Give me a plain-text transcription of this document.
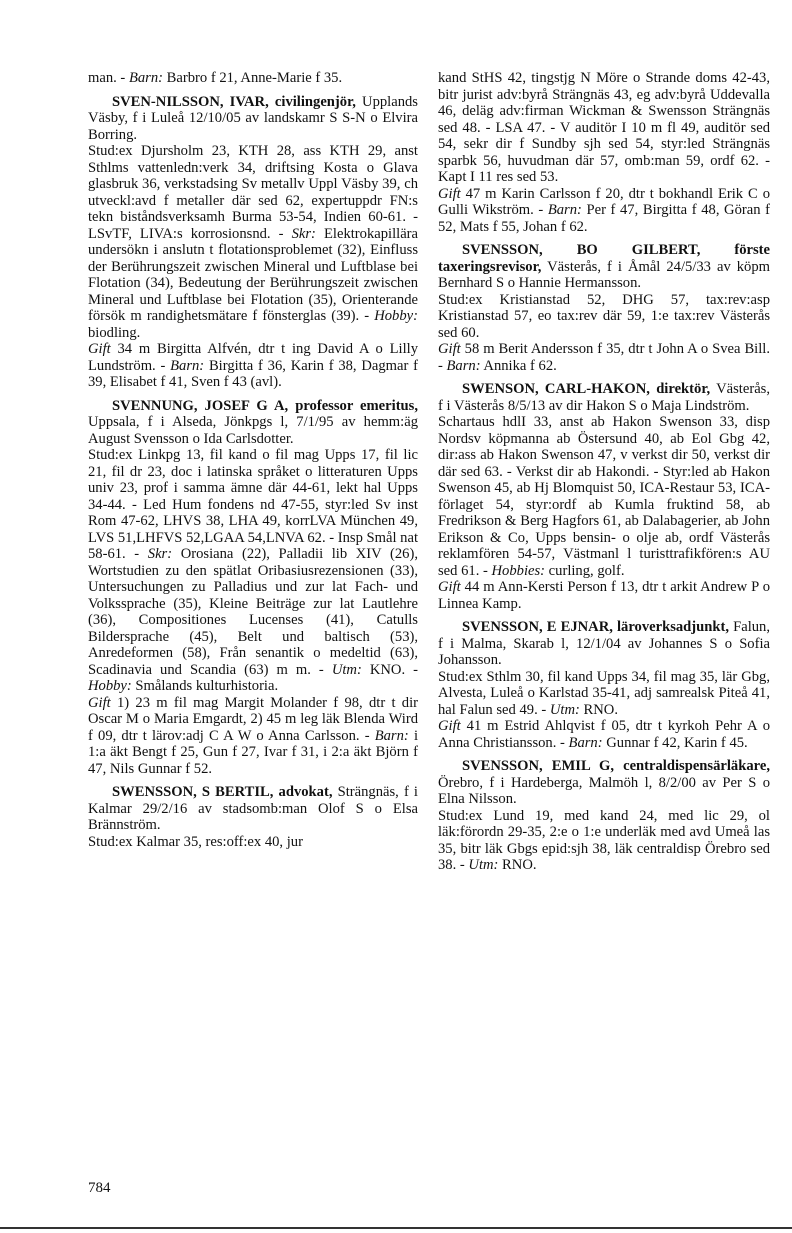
man. - Barn: Barbro f 21, Anne-Marie f 35.

SVEN-NILSSON, IVAR, civilingenjör, Upplands Väsby, f i Luleå 12/10/05 av landskamr S S-N o Elvira Borring.

Stud:ex Djursholm 23, KTH 28, ass KTH 29, anst Sthlms vattenledn:verk 34, driftsing Kosta o Glava glasbruk 36, verkstadsing Sv metallv Uppl Väsby 39, ch utveckl:avd f metaller där sed 62, expertuppdr FN:s tekn biståndsverksamh Burma 53-54, Indien 60-61. - LSvTF, LIVA:s korrosionsnd. - Skr: Elektrokapillära undersökn i anslutn t flotationsproblemet (32), Einfluss der Berührungszeit zwischen Mineral und Luftblase bei Flotation (34), Bedeutung der Berührungszeit zwischen Mineral und Luftblase bei Flotation (35), Orienterande försök m randighetsmätare f fönsterglas (39). - Hobby: biodling.

Gift 34 m Birgitta Alfvén, dtr t ing David A o Lilly Lundström. - Barn: Birgitta f 36, Karin f 38, Dagmar f 39, Elisabet f 41, Sven f 43 (avl).

SVENNUNG, JOSEF G A, professor emeritus, Uppsala, f i Alseda, Jönkpgs l, 7/1/95 av hemm:äg August Svensson o Ida Carlsdotter.

Stud:ex Linkpg 13, fil kand o fil mag Upps 17, fil lic 21, fil dr 23, doc i latinska språket o litteraturen Upps univ 23, prof i samma ämne där 44-61, lekt hal Upps 34-44. - Led Hum fondens nd 47-55, styr:led Sv inst Rom 47-62, LHVS 38, LHA 49, korrLVA München 49, LVS 51,LHFVS 52,LGAA 54,LNVA 62. - Insp Smål nat 58-61. - Skr: Orosiana (22), Palladii lib XIV (26), Wortstudien zu den spätlat Oribasiusrezensionen (33), Untersuchungen zu Palladius und zur lat Fach- und Volkssprache (35), Kleine Beiträge zur lat Lautlehre (36), Compositiones Lucenses (41), Catulls Bildersprache (45), Belt und baltisch (53), Anredeformen (58), Från senantik o medeltid (63), Scadinavia und Scandia (63) m m. - Utm: KNO. - Hobby: Smålands kulturhistoria.

Gift 1) 23 m fil mag Margit Molander f 98, dtr t dir Oscar M o Maria Emgardt, 2) 45 m leg läk Blenda Wird f 09, dtr t lärov:adj C A W o Anna Carlsson. - Barn: i 1:a äkt Bengt f 25, Gun f 27, Ivar f 31, i 2:a äkt Björn f 47, Nils Gunnar f 52.

SWENSSON, S BERTIL, advokat, Strängnäs, f i Kalmar 29/2/16 av stadsomb:man Olof S o Elsa Brännström.

Stud:ex Kalmar 35, res:off:ex 40, jur

kand StHS 42, tingstjg N Möre o Strande doms 42-43, bitr jurist adv:byrå Strängnäs 43, eg adv:byrå Uddevalla 46, deläg adv:firman Wickman & Swensson Strängnäs sed 48. - LSA 47. - V auditör I 10 m fl 49, auditör sed 54, sekr dir f Sundby sjh sed 54, styr:led Strängnäs sparbk 56, huvudman där 57, omb:man 59, ordf 62. - Kapt I 11 res sed 53.

Gift 47 m Karin Carlsson f 20, dtr t bokhandl Erik C o Gulli Wikström. - Barn: Per f 47, Birgitta f 48, Göran f 52, Mats f 55, Johan f 62.

SVENSSON, BO GILBERT, förste taxeringsrevisor, Västerås, f i Åmål 24/5/33 av köpm Bernhard S o Hannie Hermansson.

Stud:ex Kristianstad 52, DHG 57, tax:rev:asp Kristianstad 57, eo tax:rev där 59, 1:e tax:rev Västerås sed 60.

Gift 58 m Berit Andersson f 35, dtr t John A o Svea Bill. - Barn: Annika f 62.

SWENSON, CARL-HAKON, direktör, Västerås, f i Västerås 8/5/13 av dir Hakon S o Maja Lindström.

Schartaus hdlI 33, anst ab Hakon Swenson 33, disp Nordsv köpmanna ab Östersund 40, ab Eol Gbg 42, dir:ass ab Hakon Swenson 47, v verkst dir 50, verkst dir där sed 63. - Verkst dir ab Hakondi. - Styr:led ab Hakon Swenson 45, ab Hj Blomquist 50, ICA-Restaur 53, ICA-förlaget 54, styr:ordf ab Kumla fruktind 58, ab Fredrikson & Berg Hagfors 61, ab Dalabagerier, ab John Erikson & Co, Upps bensin- o olje ab, ordf Västerås reklamfören 54-57, Västmanl l turisttrafikfören:s AU sed 61. - Hobbies: curling, golf.

Gift 44 m Ann-Kersti Person f 13, dtr t arkit Andrew P o Linnea Kamp.

SVENSSON, E EJNAR, läroverksadjunkt, Falun, f i Malma, Skarab l, 12/1/04 av Johannes S o Sofia Johansson.

Stud:ex Sthlm 30, fil kand Upps 34, fil mag 35, lär Gbg, Alvesta, Luleå o Karlstad 35-41, adj samrealsk Piteå 41, hal Falun sed 49. - Utm: RNO.

Gift 41 m Estrid Ahlqvist f 05, dtr t kyrkoh Pehr A o Anna Christiansson. - Barn: Gunnar f 42, Karin f 45.

SVENSSON, EMIL G, centraldispensärläkare, Örebro, f i Hardeberga, Malmöh l, 8/2/00 av Per S o Elna Nilsson.

Stud:ex Lund 19, med kand 24, med lic 29, ol läk:förordn 29-35, 2:e o 1:e underläk med avd Umeå las 35, bitr läk Gbgs epid:sjh 38, läk centraldisp Örebro sed 38. - Utm: RNO.

784
